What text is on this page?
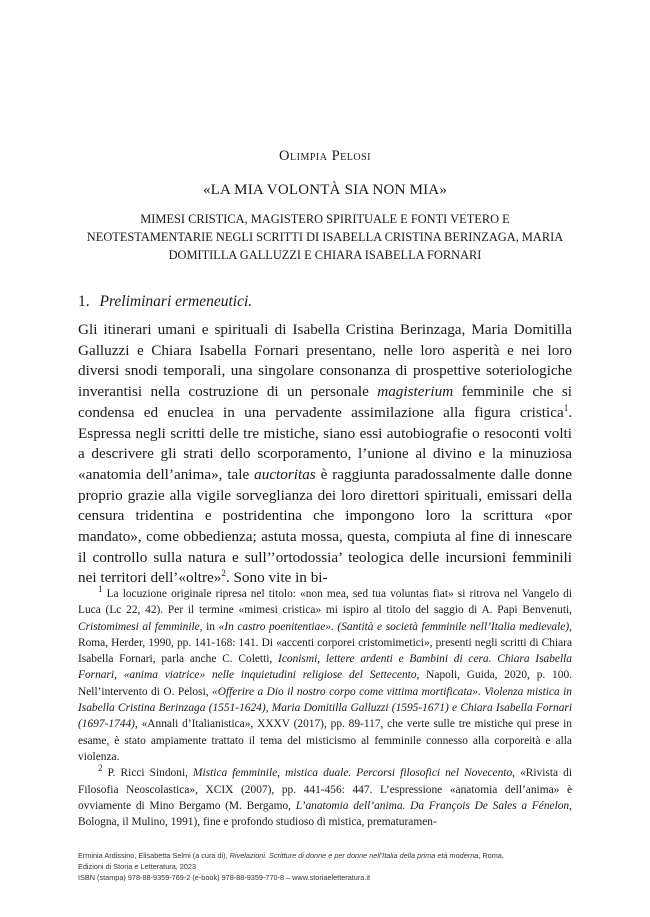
Olimpia Pelosi
«LA MIA VOLONTÀ SIA NON MIA»
MIMESI CRISTICA, MAGISTERO SPIRITUALE E FONTI VETERO E NEOTESTAMENTARIE NEGLI SCRITTI DI ISABELLA CRISTINA BERINZAGA, MARIA DOMITILLA GALLUZZI E CHIARA ISABELLA FORNARI
1. Preliminari ermeneutici.

Gli itinerari umani e spirituali di Isabella Cristina Berinzaga, Maria Domitilla Galluzzi e Chiara Isabella Fornari presentano, nelle loro asperità e nei loro diversi snodi temporali, una singolare consonanza di prospettive soteriologiche inverantisi nella costruzione di un personale magisterium femminile che si condensa ed enuclea in una pervadente assimilazione alla figura cristica$^1$. Espressa negli scritti delle tre mistiche, siano essi autobiografie o resoconti volti a descrivere gli strati dello scorporamento, l’unione al divino e la minuziosa «anatomia dell’anima», tale auctoritas è raggiunta paradossalmente dalle donne proprio grazie alla vigile sorveglianza dei loro direttori spirituali, emissari della censura tridentina e postridentina che impongono loro la scrittura «por mandato», come obbedienza; astuta mossa, questa, compiuta al fine di innescare il controllo sulla natura e sull’’ortodossia’ teologica delle incursioni femminili nei territori dell’«oltre»$^2$. Sono vite in bi-

$^1$ La locuzione originale ripresa nel titolo: «non mea, sed tua voluntas fiat» si ritrova nel Vangelo di Luca (Lc 22, 42). Per il termine «mimesi cristica» mi ispiro al titolo del saggio di A. Papi Benvenuti, Cristomimesi al femminile, in «In castro poenitentiae». (Santità e società femminile nell’Italia medievale), Roma, Herder, 1990, pp. 141-168: 141. Di «accenti corporei cristomimetici», presenti negli scritti di Chiara Isabella Fornari, parla anche C. Coletti, Iconismi, lettere ardenti e Bambini di cera. Chiara Isabella Fornari, «anima viatrice» nelle inquietudini religiose del Settecento, Napoli, Guida, 2020, p. 100. Nell’intervento di O. Pelosi, «Offerire a Dio il nostro corpo come vittima mortificata». Violenza mistica in Isabella Cristina Berinzaga (1551-1624), Maria Domitilla Galluzzi (1595-1671) e Chiara Isabella Fornari (1697-1744), «Annali d’Italianistica», XXXV (2017), pp. 89-117, che verte sulle tre mistiche qui prese in esame, è stato ampiamente trattato il tema del misticismo al femminile connesso alla corporeità e alla violenza.

$^2$ P. Ricci Sindoni, Mistica femminile, mistica duale. Percorsi filosofici nel Novecento, «Rivista di Filosofia Neoscolastica», XCIX (2007), pp. 441-456: 447. L’espressione «anatomia dell’anima» è ovviamente di Mino Bergamo (M. Bergamo, L’anatomia dell’anima. Da François De Sales a Fénelon, Bologna, il Mulino, 1991), fine e profondo studioso di mistica, prematuramen-

Erminia Ardissino, Elisabetta Selmi (a cura di), Rivelazioni. Scritture di donne e per donne nell’Italia della prima età moderna, Roma,
Edizioni di Storia e Letteratura, 2023
ISBN (stampa) 978-88-9359-769-2 (e-book) 978-88-9359-770-8 – www.storiaeletteratura.it
